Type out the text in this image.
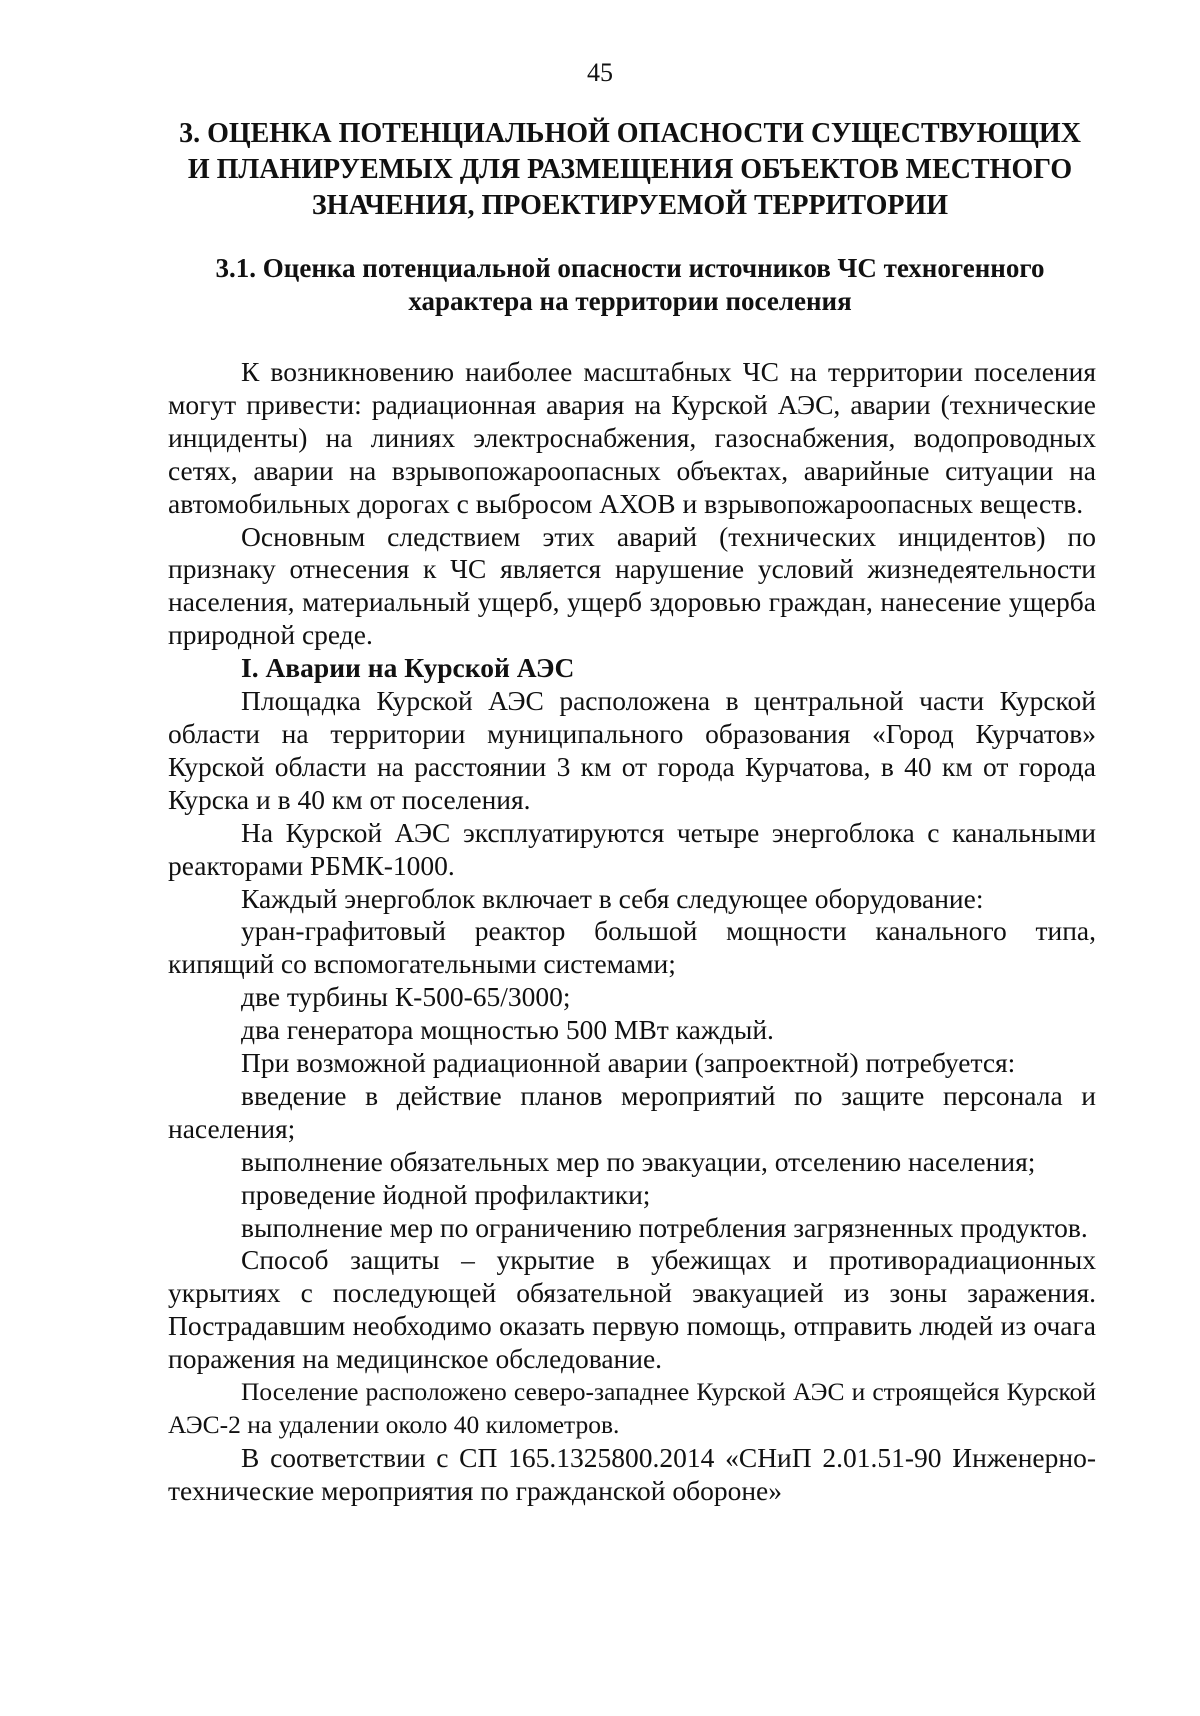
45
3. ОЦЕНКА ПОТЕНЦИАЛЬНОЙ ОПАСНОСТИ СУЩЕСТВУЮЩИХ
И ПЛАНИРУЕМЫХ ДЛЯ РАЗМЕЩЕНИЯ ОБЪЕКТОВ МЕСТНОГО
ЗНАЧЕНИЯ, ПРОЕКТИРУЕМОЙ ТЕРРИТОРИИ
3.1. Оценка потенциальной опасности источников ЧС техногенного
характера на территории поселения

К возникновению наиболее масштабных ЧС на территории поселения могут привести: радиационная авария на Курской АЭС, аварии (технические инциденты) на линиях электроснабжения, газоснабжения, водопроводных сетях, аварии на взрывопожароопасных объектах, аварийные ситуации на автомобильных дорогах с выбросом АХОВ и взрывопожароопасных веществ.

Основным следствием этих аварий (технических инцидентов) по признаку отнесения к ЧС является нарушение условий жизнедеятельности населения, материальный ущерб, ущерб здоровью граждан, нанесение ущерба природной среде.

I. Аварии на Курской АЭС

Площадка Курской АЭС расположена в центральной части Курской области на территории муниципального образования «Город Курчатов» Курской области на расстоянии 3 км от города Курчатова, в 40 км от города Курска и в 40 км от поселения.

На Курской АЭС эксплуатируются четыре энергоблока с канальными реакторами РБМК-1000.

Каждый энергоблок включает в себя следующее оборудование:

уран-графитовый реактор большой мощности канального типа, кипящий со вспомогательными системами;

две турбины К-500-65/3000;

два генератора мощностью 500 МВт каждый.

При возможной радиационной аварии (запроектной) потребуется:

введение в действие планов мероприятий по защите персонала и населения;

выполнение обязательных мер по эвакуации, отселению населения;

проведение йодной профилактики;

выполнение мер по ограничению потребления загрязненных продуктов.

Способ защиты – укрытие в убежищах и противорадиационных укрытиях с последующей обязательной эвакуацией из зоны заражения. Пострадавшим необходимо оказать первую помощь, отправить людей из очага поражения на медицинское обследование.

Поселение расположено северо-западнее Курской АЭС и строящейся Курской АЭС-2 на удалении около 40 километров.

В соответствии с СП 165.1325800.2014 «СНиП 2.01.51-90 Инженерно-технические мероприятия по гражданской обороне»
